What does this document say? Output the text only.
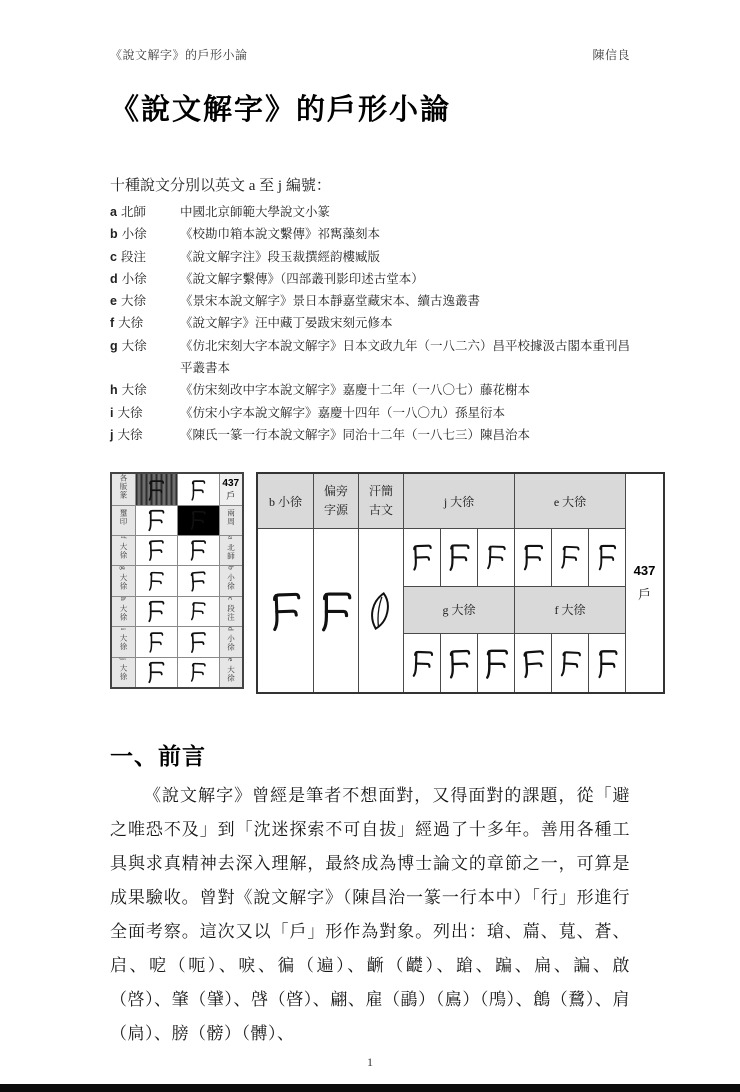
《說文解字》的戶形小論	陳信良
《說文解字》的戶形小論
十種說文分別以英文 a 至 j 編號：
a 北師	中國北京師範大學說文小篆
b 小徐	《校勘巾箱本說文繫傳》祁寯藻刻本
c 段注	《說文解字注》段玉裁撰經韵樓臧版
d 小徐	《說文解字繫傳》（四部叢刊影印述古堂本）
e 大徐	《景宋本說文解字》景日本靜嘉堂藏宋本、續古逸叢書
f 大徐	《說文解字》汪中藏丁晏跋宋刻元修本
g 大徐	《仿北宋刻大字本說文解字》日本文政九年（一八二六）昌平校據汲古閣本重刊昌平叢書本
h 大徐	《仿宋刻改中字本說文解字》嘉慶十二年（一八〇七）藤花榭本
i 大徐	《仿宋小字本說文解字》嘉慶十四年（一八〇九）孫星衍本
j 大徐	《陳氏一篆一行本說文解字》同治十二年（一八七三）陳昌治本
各版篆			437
戶

璽印			兩周
f 大徐			a 北師
g 大徐			b 小徐
h 大徐			c 段注
i 大徐			d 小徐
j 大徐			e 大徐
b 小徐	偏旁字源	汗簡古文	j 大徐			e 大徐			437
戶

			g 大徐			f 大徐			

一、前言

《說文解字》曾經是筆者不想面對，又得面對的課題，從「避之唯恐不及」到「沈迷探索不可自拔」經過了十多年。善用各種工具與求真精神去深入理解，最終成為博士論文的章節之一，可算是成果驗收。曾對《說文解字》（陳昌治一篆一行本中）「行」形進行全面考察。這次又以「戶」形作為對象。列出：瑲、萹、萈、蒼、启、呝（呃）、唳、徧（遍）、齭（齼）、蹌、蹁、扁、諞、啟（啓）、肇（肈）、啔（晵）、翩、雇（鶝）（鳸）（鳲）、鶬（䳱）、肩（扃）、膀（髈）（髆）、

1
